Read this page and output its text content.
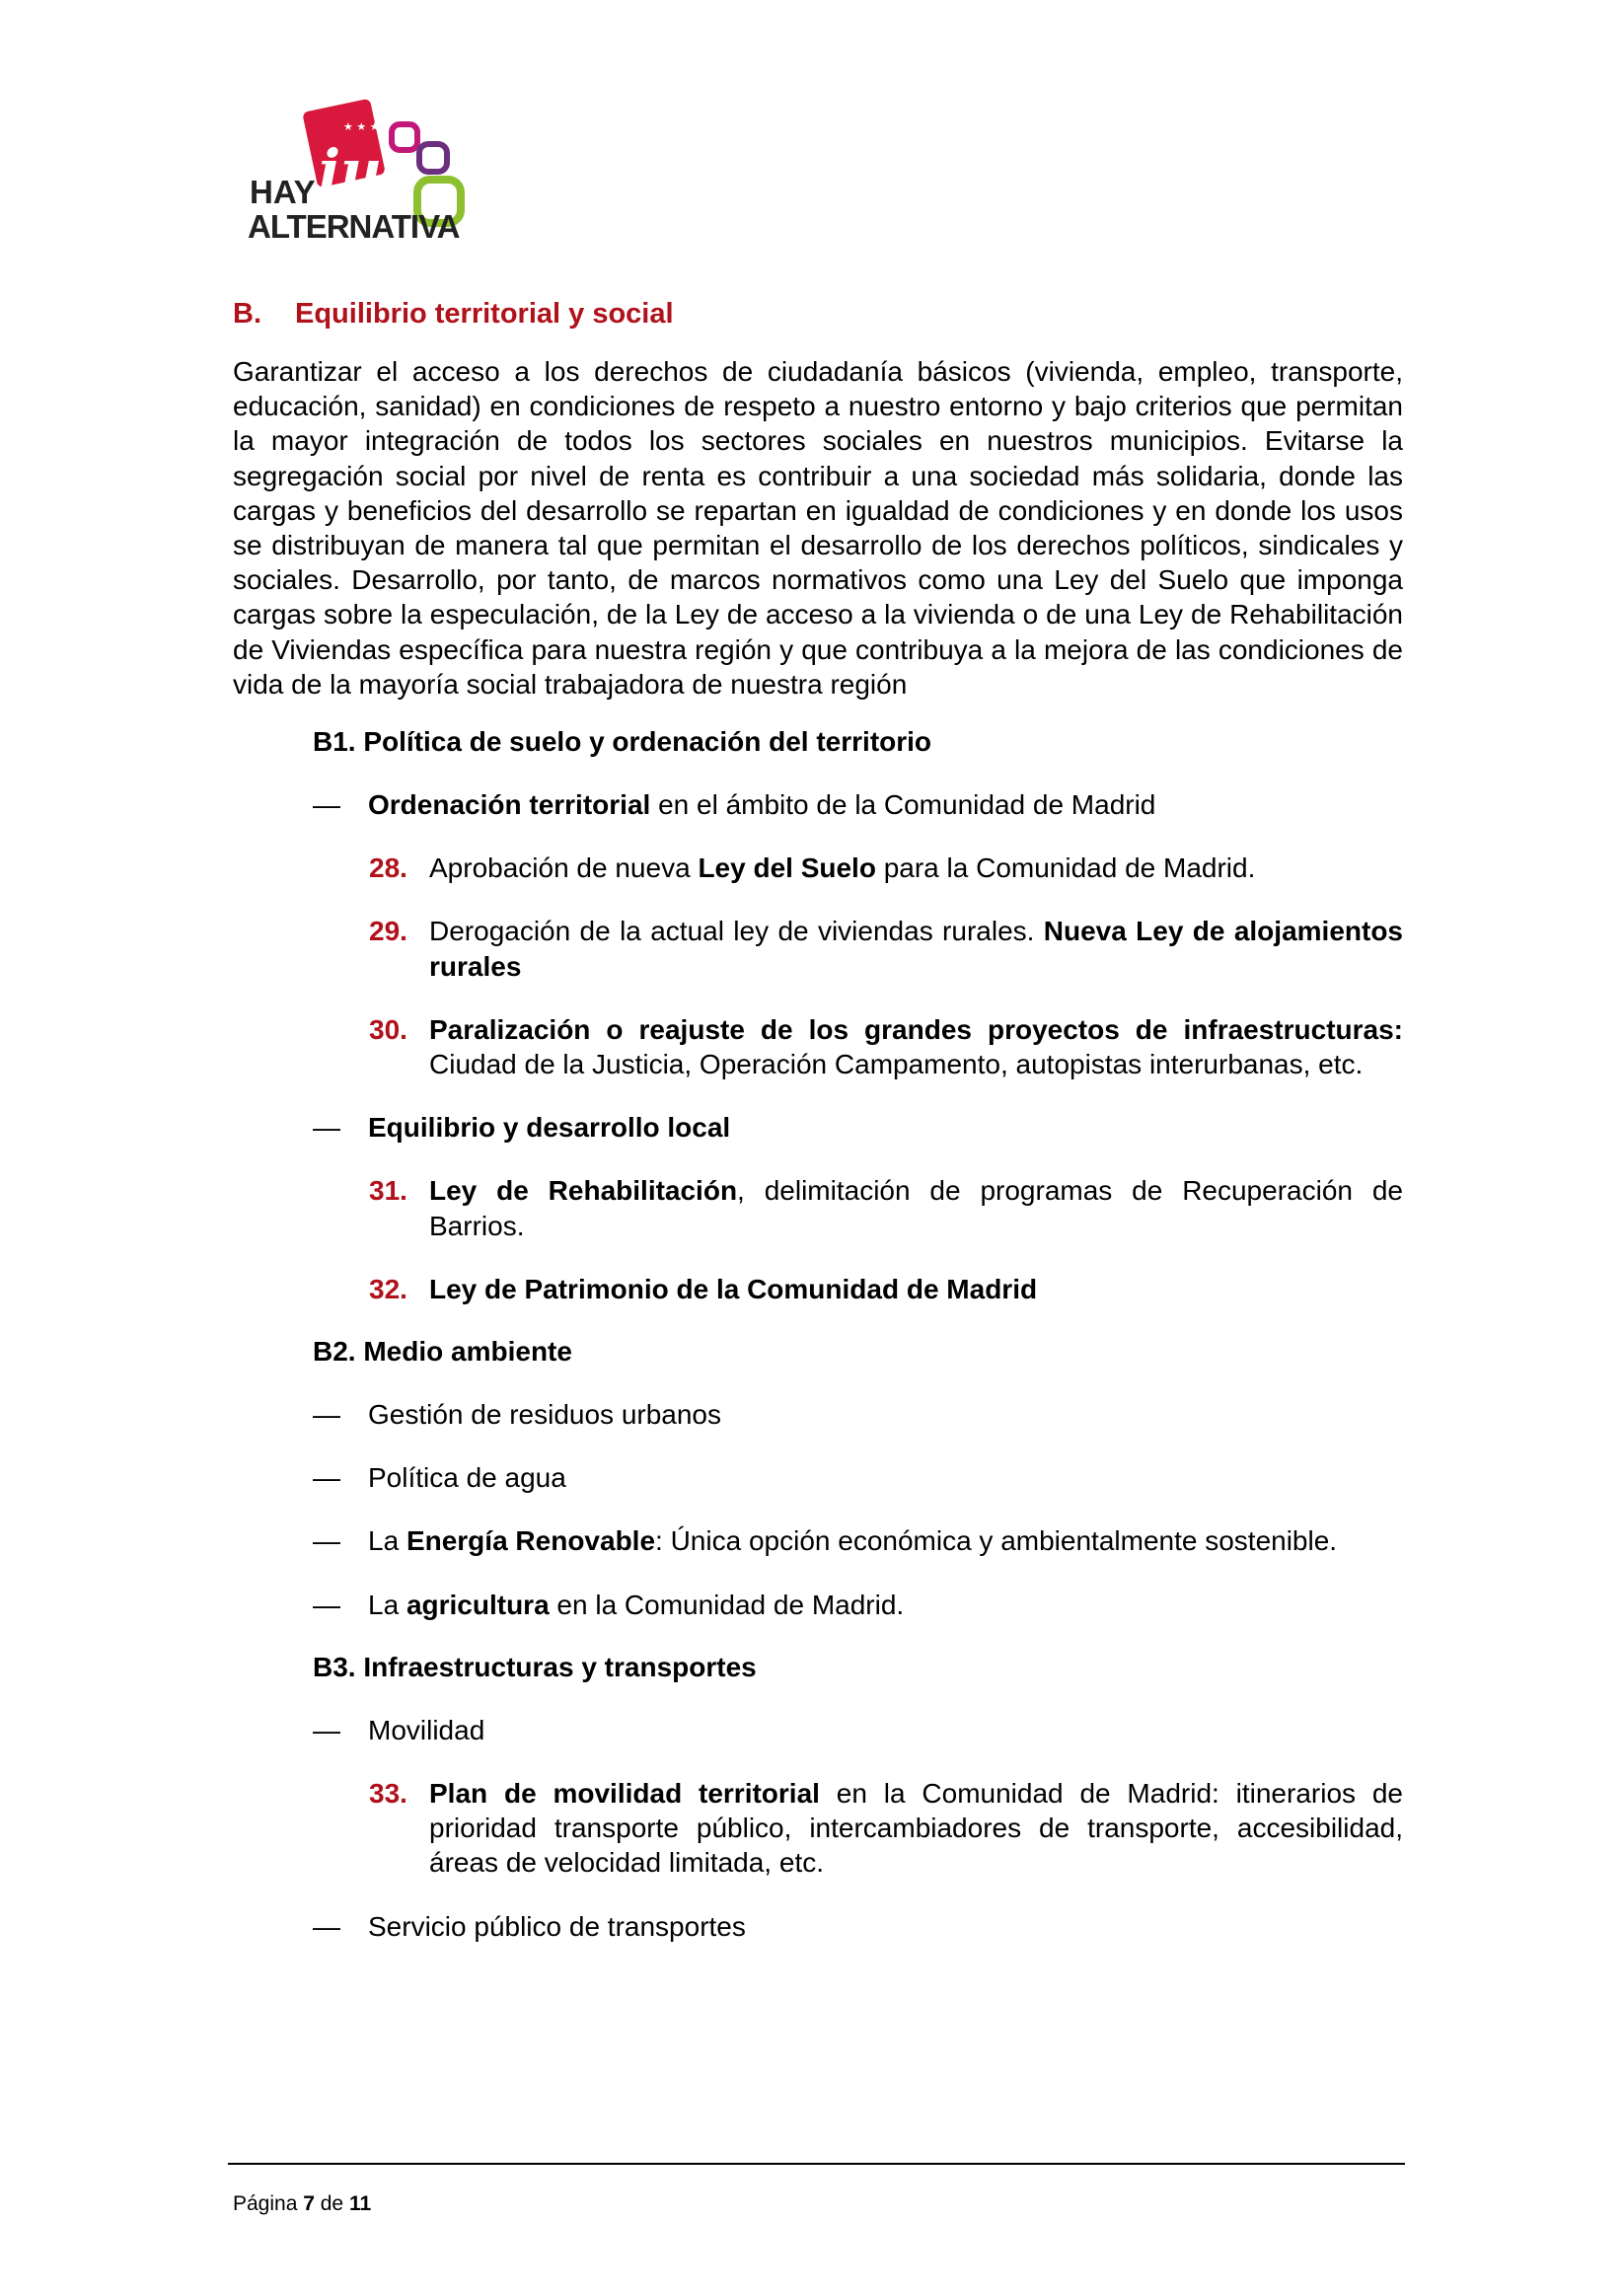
★ ★ ★ ★
iu
HAY
ALTERNATIVA
B. Equilibrio territorial y social

Garantizar el acceso a los derechos de ciudadanía básicos (vivienda, empleo, transporte, educación, sanidad) en condiciones de respeto a nuestro entorno y bajo criterios que permitan la mayor integración de todos los sectores sociales en nuestros municipios. Evitarse la segregación social por nivel de renta es contribuir a una sociedad más solidaria, donde las cargas y beneficios del desarrollo se repartan en igualdad de condiciones y en donde los usos se distribuyan de manera tal que permitan el desarrollo de los derechos políticos, sindicales y sociales. Desarrollo, por tanto, de marcos normativos como una Ley del Suelo que imponga cargas sobre la especulación, de la Ley de acceso a la vivienda o de una Ley de Rehabilitación de Viviendas específica para nuestra región y que contribuya a la mejora de las condiciones de vida de la mayoría social trabajadora de nuestra región

B1. Política de suelo y ordenación del territorio
—	Ordenación territorial en el ámbito de la Comunidad de Madrid
28. Aprobación de nueva Ley del Suelo para la Comunidad de Madrid.
29. Derogación de la actual ley de viviendas rurales. Nueva Ley de alojamientos rurales
30. Paralización o reajuste de los grandes proyectos de infraestructuras: Ciudad de la Justicia, Operación Campamento, autopistas interurbanas, etc.
—	Equilibrio y desarrollo local
31. Ley de Rehabilitación, delimitación de programas de Recuperación de Barrios.
32. Ley de Patrimonio de la Comunidad de Madrid
B2. Medio ambiente
—	Gestión de residuos urbanos
—	Política de agua
—	La Energía Renovable: Única opción económica y ambientalmente sostenible.
—	La agricultura en la Comunidad de Madrid.
B3. Infraestructuras y transportes
—	Movilidad
33. Plan de movilidad territorial en la Comunidad de Madrid: itinerarios de prioridad transporte público, intercambiadores de transporte, accesibilidad, áreas de velocidad limitada, etc.
—	Servicio público de transportes
Página 7 de 11
